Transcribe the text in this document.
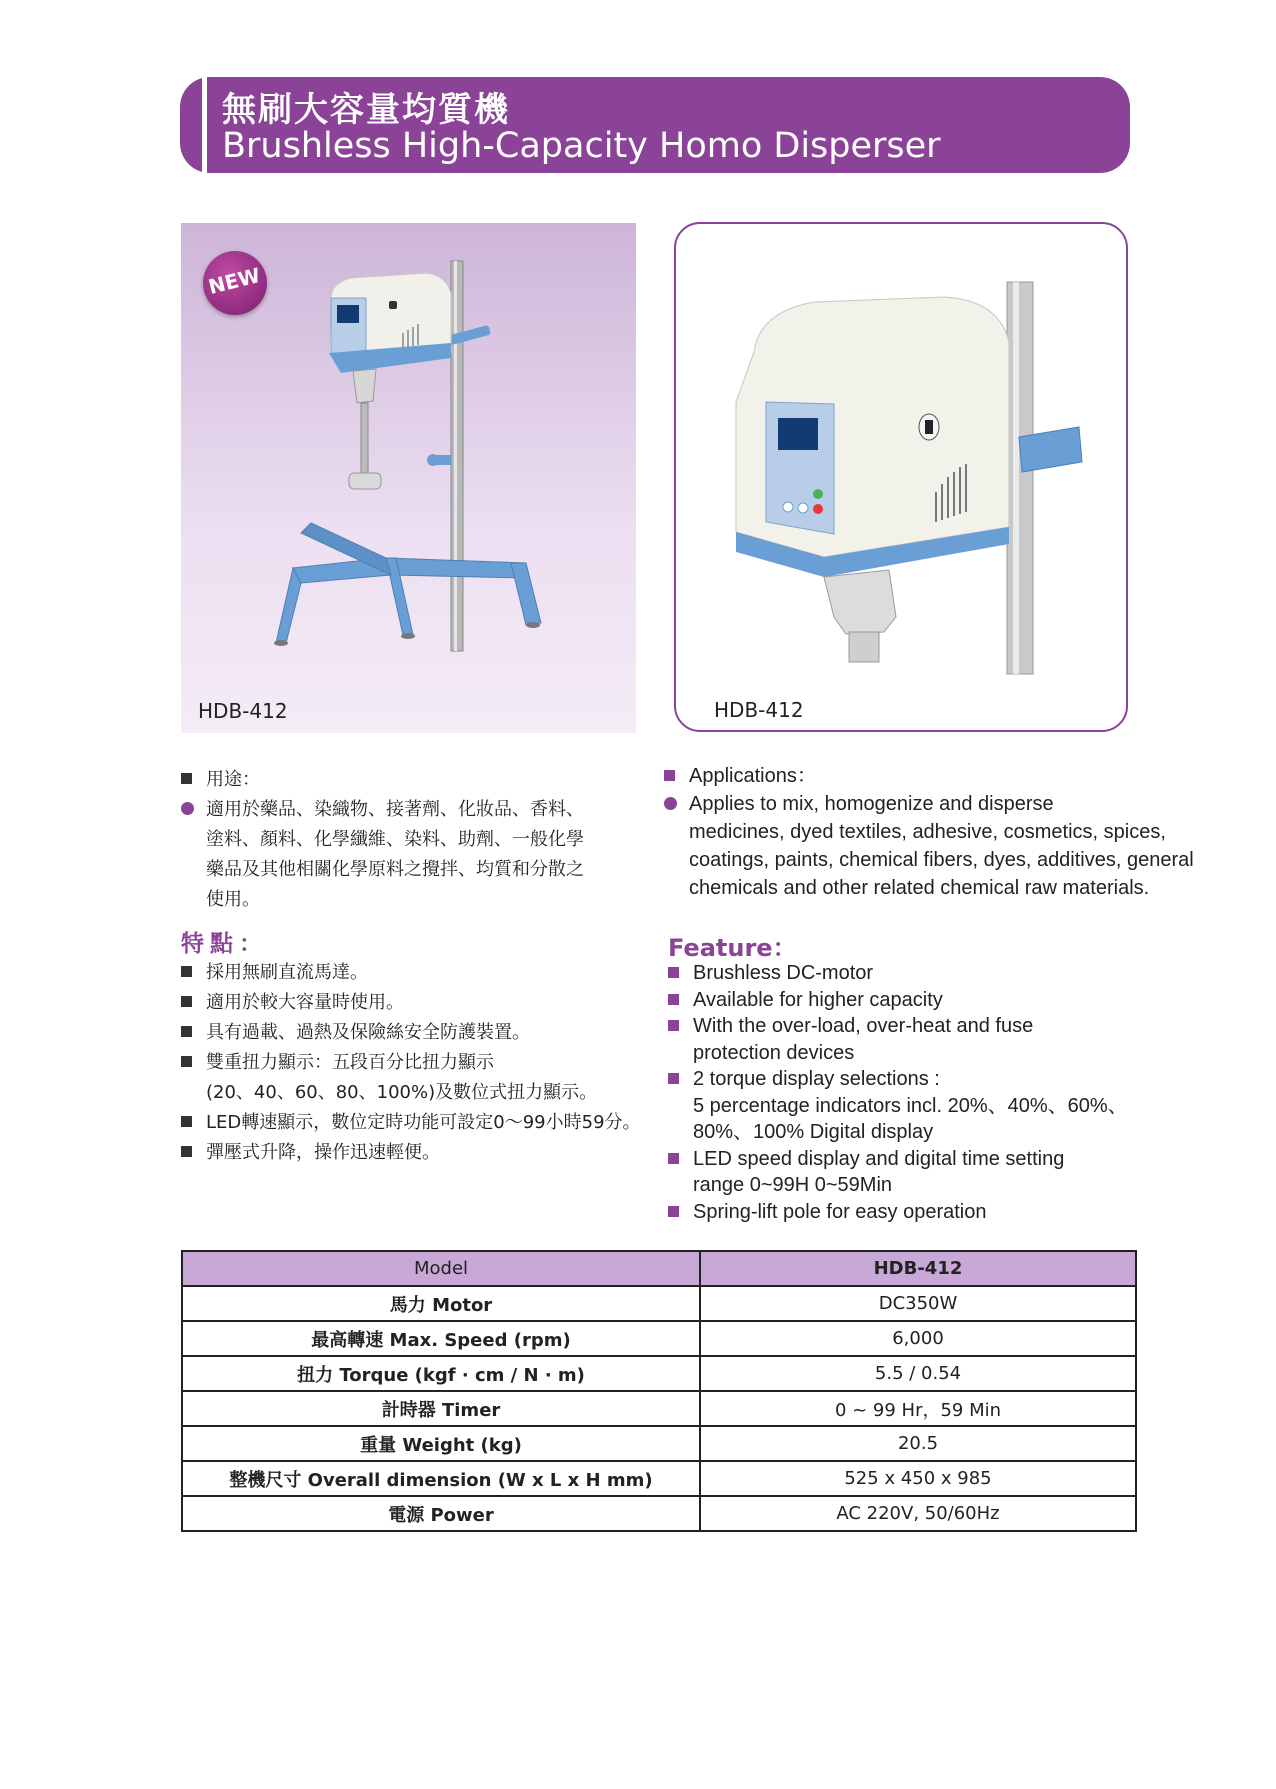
無刷大容量均質機
Brushless High-Capacity Homo Disperser
NEW
HDB-412	HDB-412
用途：
適用於藥品、染織物、接著劑、化妝品、香料、
塗料、顏料、化學纖維、染料、助劑、一般化學
藥品及其他相關化學原料之攪拌、均質和分散之
使用。
Applications：
Applies to mix, homogenize and disperse
medicines, dyed textiles, adhesive, cosmetics, spices,
coatings, paints, chemical fibers, dyes, additives, general
chemicals and other related chemical raw materials.
特點：
採用無刷直流馬達。
適用於較大容量時使用。
具有過載、過熱及保險絲安全防護裝置。
雙重扭力顯示：五段百分比扭力顯示
(20、40、60、80、100%)及數位式扭力顯示。
LED轉速顯示，數位定時功能可設定0～99小時59分。
彈壓式升降，操作迅速輕便。
Feature：
Brushless DC-motor
Available for higher capacity
With the over-load, over-heat and fuse
protection devices
2 torque display selections :
5 percentage indicators incl. 20%、40%、60%、
80%、100% Digital display
LED speed display and digital time setting
range 0~99H 0~59Min
Spring-lift pole for easy operation
Model	HDB-412
馬力 Motor	DC350W
最高轉速 Max. Speed (rpm)	6,000
扭力 Torque (kgf · cm / N · m)	5.5 / 0.54
計時器 Timer	0 ~ 99 Hr，59 Min
重量 Weight (kg)	20.5
整機尺寸 Overall dimension (W x L x H mm)	525 x 450 x 985
電源 Power	AC 220V, 50/60Hz
